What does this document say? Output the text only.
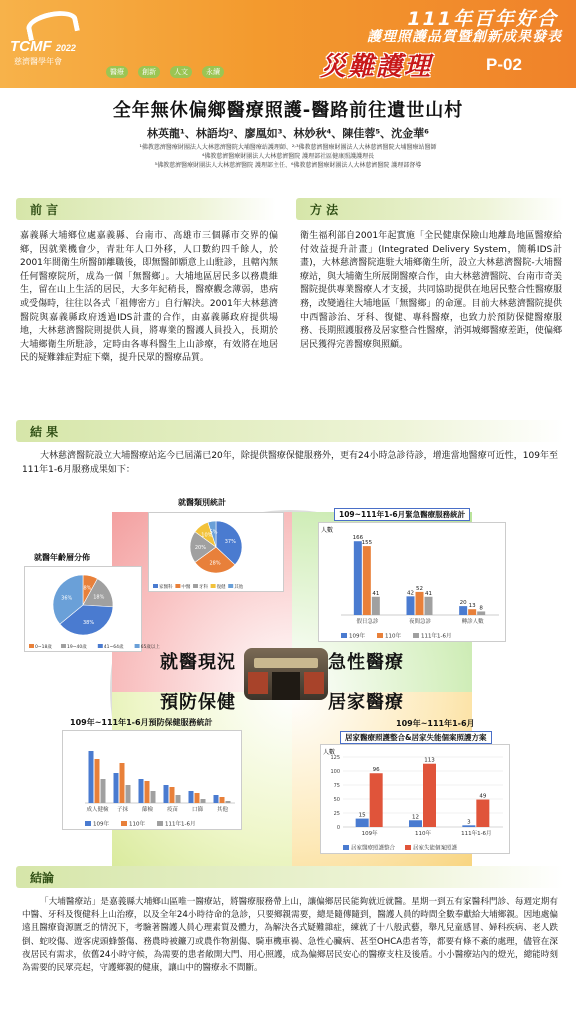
TCMF 2022
慈濟醫學年會
醫療	創新	人文	永續
111年百年好合
護理照護品質暨創新成果發表
災難護理	P-02
全年無休偏鄉醫療照護-醫路前往遺世山村
林英龍¹、林語均²、廖凰如³、林妙秋⁴、陳佳蓉⁵、沈金華⁶
¹佛教慈濟醫療財團法人大林慈濟醫院大埔醫療站護理師、²˒³佛教慈濟醫療財團法人大林慈濟醫院大埔醫療站醫師
⁴佛教慈濟醫療財團法人大林慈濟醫院 護理部社區健康照護護理長
⁵佛教慈濟醫療財團法人大林慈濟醫院 護理部主任、⁶佛教慈濟醫療財團法人大林慈濟醫院 護理部督導
前 言
嘉義縣大埔鄉位處嘉義縣、台南市、高雄市三個縣市交界的偏鄉，因就業機會少，青壯年人口外移，人口數約四千餘人，於2001年間衛生所醫師離職後，即無醫師願意上山駐診，且轄內無任何醫療院所，成為一個「無醫鄉」。大埔地區居民多以務農維生，留在山上生活的居民，大多年紀稍長，醫療觀念薄弱，患病或受傷時，往往以各式「祖傳密方」自行解決。2001年大林慈濟醫院與嘉義縣政府透過IDS計畫的合作，由嘉義縣政府提供場地，大林慈濟醫院則提供人員，將專業的醫護人員投入，長期於大埔鄉衛生所駐診，定時由各專科醫生上山診療，有效將在地居民的疑難雜症對症下藥，提升民眾的醫療品質。
方 法
衛生福利部自2001年起實施「全民健康保險山地離島地區醫療給付效益提升計畫」(Integrated Delivery System，簡稱IDS計畫)，大林慈濟醫院進駐大埔鄉衛生所，設立大林慈濟醫院-大埔醫療站，與大埔衛生所展開醫療合作，由大林慈濟醫院、台南市奇美醫院提供專業醫療人才支援，共同協助提供在地居民整合性醫療服務，改變過往大埔地區「無醫鄉」的命運。目前大林慈濟醫院提供中西醫診治、牙科、復健、專科醫療，也致力於預防保健醫療服務、長期照護服務及居家整合性醫療，消弭城鄉醫療差距，使偏鄉居民獲得完善醫療與照顧。
結 果
大林慈濟醫院設立大埔醫療站迄今已屆滿已20年，除提供醫療保健服務外，更有24小時急診待診，增進當地醫療可近性，109年至111年1-6月服務成果如下：
就醫現況	急性醫療
預防保健	居家醫療
就醫類別統計
37%
28%
20%
10%
5%
家醫科 中醫 牙科 復健 其他
就醫年齡層分佈
8%
18%
38%
36%
0~18歲	19~40歲	41~64歲	65歲以上
109~111年1-6月緊急醫療服務統計
人數
166
155
41
假日急診
42
52
41
夜間急診
20
13 8
轉診人數
109年	110年	111年1-6月
109年~111年1-6月預防保健服務統計
成人健檢 子抹	篩檢	疫苗	口篩	其他
109年	110年	111年1-6月
109年~111年1-6月
居家醫療照護整合&居家失能個案照護方案
人數
0
25
50
75
100
125
15
96
109年
12
113
110年
3
49
111年1-6月
居家醫療照護整合	居家失能個案照護
結論
「大埔醫療站」是嘉義縣大埔鄉山區唯一醫療站，將醫療服務帶上山，讓偏鄉居民能夠就近就醫。星期一到五有家醫科門診、每週定期有中醫、牙科及復健科上山治療，以及全年24小時待命的急診，只要鄉親需要，總是隨傳隨到，醫護人員的時間全數奉獻給大埔鄉親。因地處偏遠且醫療資源匱乏的情況下，考驗著醫護人員心理素質及體力，為解決各式疑難雜症，練就了十八般武藝，舉凡兒童感冒、婦科疾病、老人跌倒、蛇咬傷、遊客虎頭蜂螫傷、務農時被鐮刀或農作物割傷、騎車機車禍、急性心臟病、甚至OHCA患者等，都要有條不紊的處理，儘管在深夜居民有需求，依舊24小時守候，為需要的患者敞開大門、用心照護，成為偏鄉居民安心的醫療支柱及後盾。小小醫療站內的燈光，總能時刻為需要的民眾亮起，守護鄉親的健康，讓山中的醫療永不間斷。
